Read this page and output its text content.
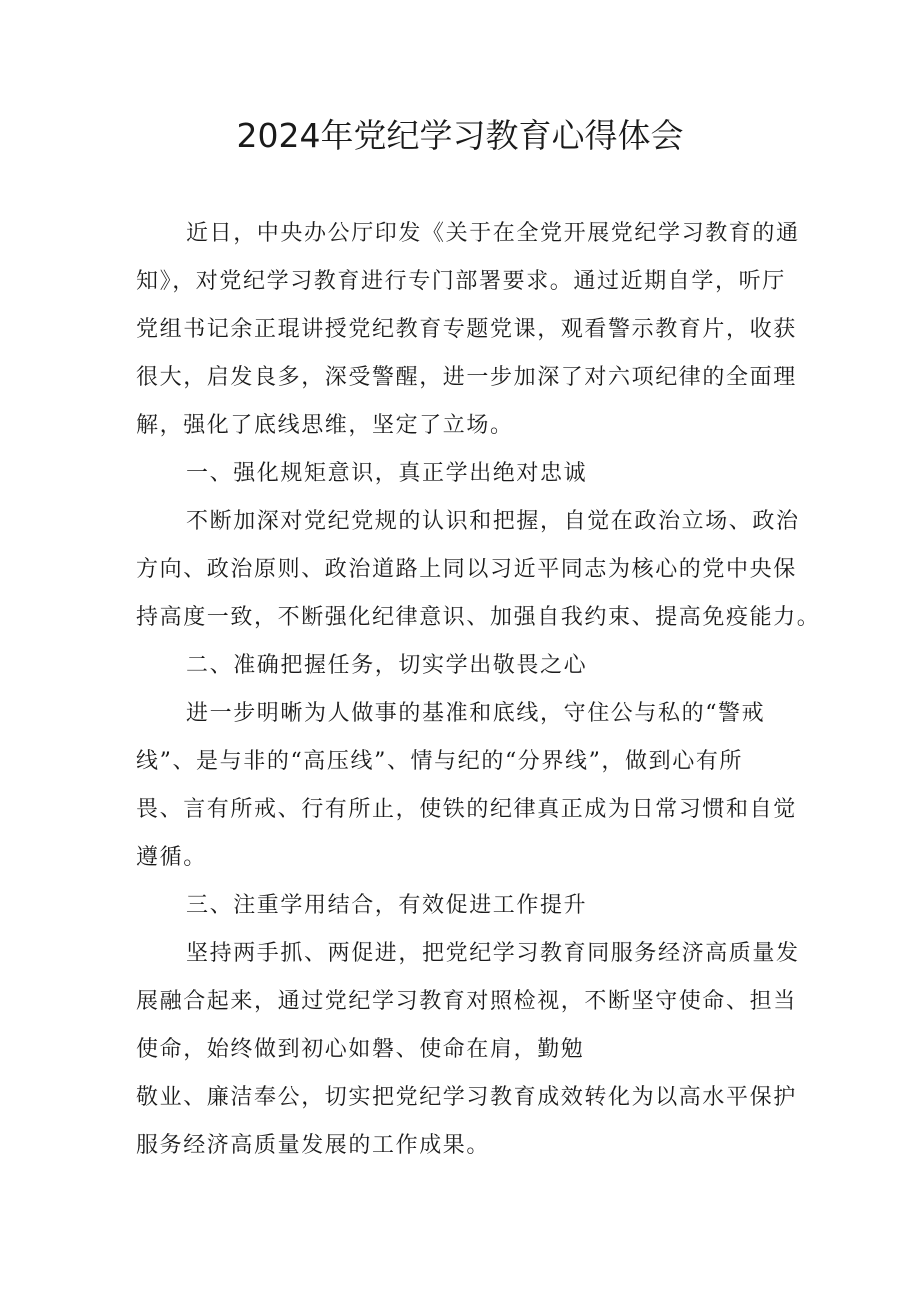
2024年党纪学习教育心得体会
近日，中央办公厅印发《关于在全党开展党纪学习教育的通
知》，对党纪学习教育进行专门部署要求。通过近期自学，听厅
党组书记余正琨讲授党纪教育专题党课，观看警示教育片，收获
很大，启发良多，深受警醒，进一步加深了对六项纪律的全面理
解，强化了底线思维，坚定了立场。
一、强化规矩意识，真正学出绝对忠诚
不断加深对党纪党规的认识和把握，自觉在政治立场、政治
方向、政治原则、政治道路上同以习近平同志为核心的党中央保
持高度一致，不断强化纪律意识、加强自我约束、提高免疫能力。
二、准确把握任务，切实学出敬畏之心
进一步明晰为人做事的基准和底线，守住公与私的“警戒
线”、是与非的“高压线”、情与纪的“分界线”，做到心有所
畏、言有所戒、行有所止，使铁的纪律真正成为日常习惯和自觉
遵循。
三、注重学用结合，有效促进工作提升
坚持两手抓、两促进，把党纪学习教育同服务经济高质量发
展融合起来，通过党纪学习教育对照检视，不断坚守使命、担当
使命，始终做到初心如磐、使命在肩，勤勉
敬业、廉洁奉公，切实把党纪学习教育成效转化为以高水平保护
服务经济高质量发展的工作成果。
